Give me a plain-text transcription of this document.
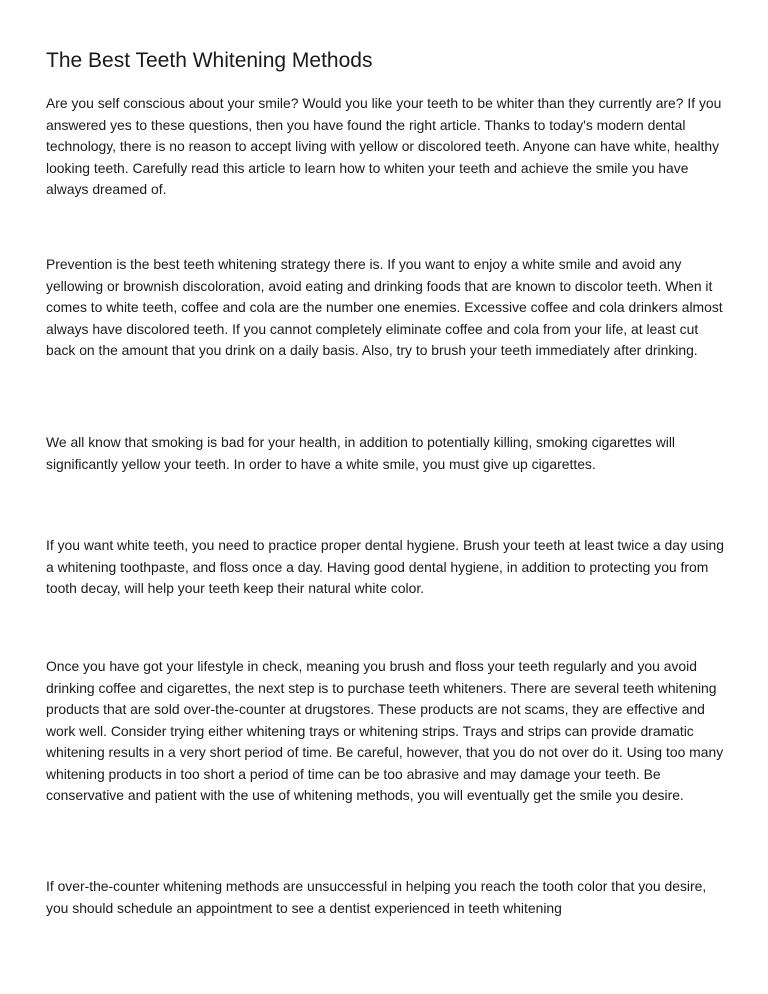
The Best Teeth Whitening Methods

Are you self conscious about your smile? Would you like your teeth to be whiter than they currently are? If you answered yes to these questions, then you have found the right article. Thanks to today's modern dental technology, there is no reason to accept living with yellow or discolored teeth. Anyone can have white, healthy looking teeth. Carefully read this article to learn how to whiten your teeth and achieve the smile you have always dreamed of.

Prevention is the best teeth whitening strategy there is. If you want to enjoy a white smile and avoid any yellowing or brownish discoloration, avoid eating and drinking foods that are known to discolor teeth. When it comes to white teeth, coffee and cola are the number one enemies. Excessive coffee and cola drinkers almost always have discolored teeth. If you cannot completely eliminate coffee and cola from your life, at least cut back on the amount that you drink on a daily basis. Also, try to brush your teeth immediately after drinking.

We all know that smoking is bad for your health, in addition to potentially killing, smoking cigarettes will significantly yellow your teeth. In order to have a white smile, you must give up cigarettes.

If you want white teeth, you need to practice proper dental hygiene. Brush your teeth at least twice a day using a whitening toothpaste, and floss once a day. Having good dental hygiene, in addition to protecting you from tooth decay, will help your teeth keep their natural white color.

Once you have got your lifestyle in check, meaning you brush and floss your teeth regularly and you avoid drinking coffee and cigarettes, the next step is to purchase teeth whiteners. There are several teeth whitening products that are sold over-the-counter at drugstores. These products are not scams, they are effective and work well. Consider trying either whitening trays or whitening strips. Trays and strips can provide dramatic whitening results in a very short period of time. Be careful, however, that you do not over do it. Using too many whitening products in too short a period of time can be too abrasive and may damage your teeth. Be conservative and patient with the use of whitening methods, you will eventually get the smile you desire.

If over-the-counter whitening methods are unsuccessful in helping you reach the tooth color that you desire, you should schedule an appointment to see a dentist experienced in teeth whitening
